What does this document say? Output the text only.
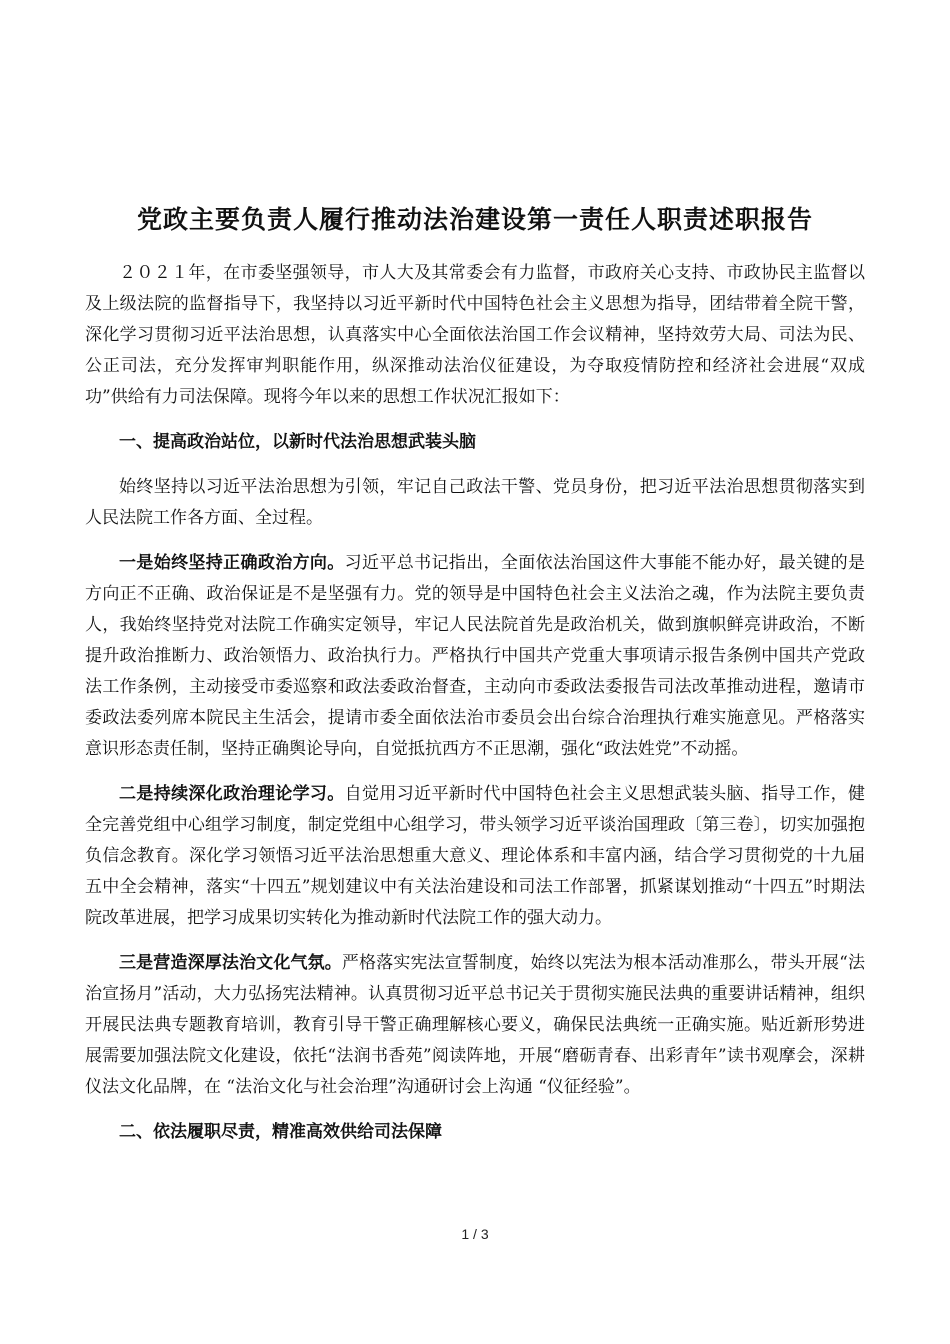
党政主要负责人履行推动法治建设第一责任人职责述职报告

２０２１年，在市委坚强领导，市人大及其常委会有力监督，市政府关心支持、市政协民主监督以及上级法院的监督指导下，我坚持以习近平新时代中国特色社会主义思想为指导，团结带着全院干警，深化学习贯彻习近平法治思想，认真落实中心全面依法治国工作会议精神，坚持效劳大局、司法为民、公正司法，充分发挥审判职能作用，纵深推动法治仪征建设，为夺取疫情防控和经济社会进展“双成功”供给有力司法保障。现将今年以来的思想工作状况汇报如下：

一、提高政治站位，以新时代法治思想武装头脑

始终坚持以习近平法治思想为引领，牢记自己政法干警、党员身份，把习近平法治思想贯彻落实到人民法院工作各方面、全过程。

一是始终坚持正确政治方向。习近平总书记指出，全面依法治国这件大事能不能办好，最关键的是方向正不正确、政治保证是不是坚强有力。党的领导是中国特色社会主义法治之魂，作为法院主要负责人，我始终坚持党对法院工作确实定领导，牢记人民法院首先是政治机关，做到旗帜鲜亮讲政治，不断提升政治推断力、政治领悟力、政治执行力。严格执行中国共产党重大事项请示报告条例中国共产党政法工作条例，主动接受市委巡察和政法委政治督查，主动向市委政法委报告司法改革推动进程，邀请市委政法委列席本院民主生活会，提请市委全面依法治市委员会出台综合治理执行难实施意见。严格落实意识形态责任制，坚持正确舆论导向，自觉抵抗西方不正思潮，强化“政法姓党”不动摇。

二是持续深化政治理论学习。自觉用习近平新时代中国特色社会主义思想武装头脑、指导工作，健全完善党组中心组学习制度，制定党组中心组学习，带头领学习近平谈治国理政〔第三卷〕，切实加强抱负信念教育。深化学习领悟习近平法治思想重大意义、理论体系和丰富内涵，结合学习贯彻党的十九届五中全会精神，落实“十四五”规划建议中有关法治建设和司法工作部署，抓紧谋划推动“十四五”时期法院改革进展，把学习成果切实转化为推动新时代法院工作的强大动力。

三是营造深厚法治文化气氛。严格落实宪法宣誓制度，始终以宪法为根本活动准那么，带头开展“法治宣扬月”活动，大力弘扬宪法精神。认真贯彻习近平总书记关于贯彻实施民法典的重要讲话精神，组织开展民法典专题教育培训，教育引导干警正确理解核心要义，确保民法典统一正确实施。贴近新形势进展需要加强法院文化建设，依托“法润书香苑”阅读阵地，开展“磨砺青春、出彩青年”读书观摩会，深耕仪法文化品牌，在 “法治文化与社会治理”沟通研讨会上沟通 “仪征经验”。

二、依法履职尽责，精准高效供给司法保障

1 / 3
